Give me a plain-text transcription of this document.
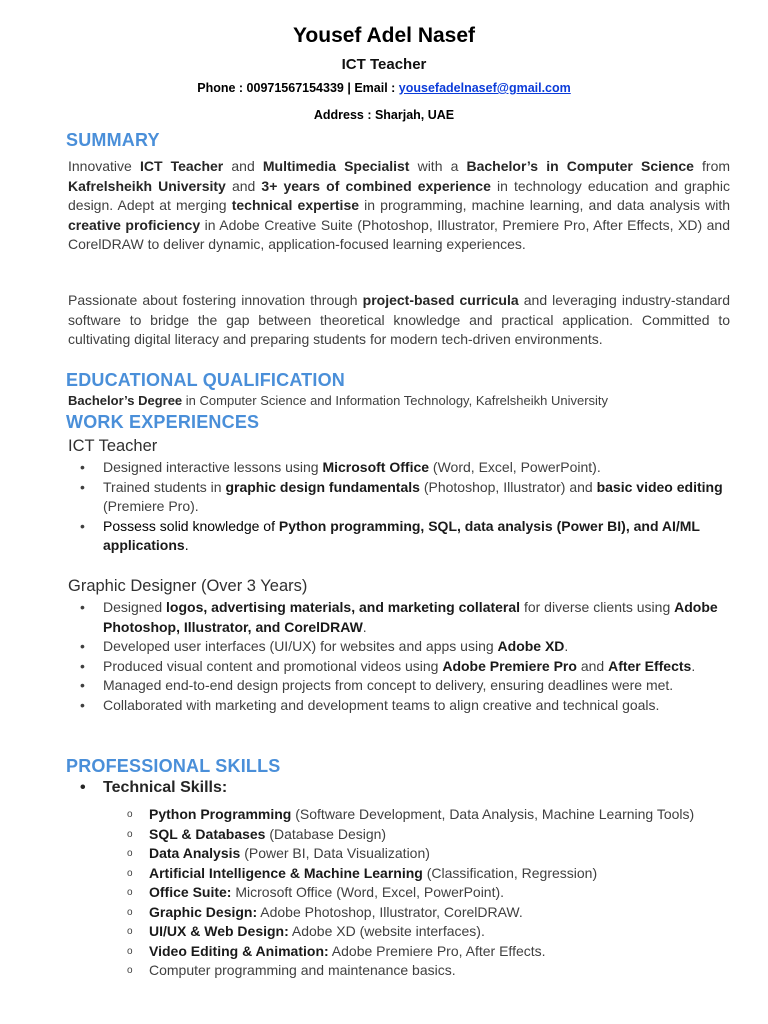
Yousef Adel Nasef
ICT Teacher
Phone : 00971567154339 | Email : yousefadelnasef@gmail.com
Address : Sharjah, UAE
SUMMARY
Innovative ICT Teacher and Multimedia Specialist with a Bachelor’s in Computer Science from Kafrelsheikh University and 3+ years of combined experience in technology education and graphic design. Adept at merging technical expertise in programming, machine learning, and data analysis with creative proficiency in Adobe Creative Suite (Photoshop, Illustrator, Premiere Pro, After Effects, XD) and CorelDRAW to deliver dynamic, application-focused learning experiences.
Passionate about fostering innovation through project-based curricula and leveraging industry-standard software to bridge the gap between theoretical knowledge and practical application. Committed to cultivating digital literacy and preparing students for modern tech-driven environments.
EDUCATIONAL QUALIFICATION
Bachelor’s Degree in Computer Science and Information Technology, Kafrelsheikh University
WORK EXPERIENCES
ICT Teacher
• Designed interactive lessons using Microsoft Office (Word, Excel, PowerPoint).
• Trained students in graphic design fundamentals (Photoshop, Illustrator) and basic video editing (Premiere Pro).
• Possess solid knowledge of Python programming, SQL, data analysis (Power BI), and AI/ML applications.
Graphic Designer (Over 3 Years)
• Designed logos, advertising materials, and marketing collateral for diverse clients using Adobe Photoshop, Illustrator, and CorelDRAW.
• Developed user interfaces (UI/UX) for websites and apps using Adobe XD.
• Produced visual content and promotional videos using Adobe Premiere Pro and After Effects.
• Managed end-to-end design projects from concept to delivery, ensuring deadlines were met.
• Collaborated with marketing and development teams to align creative and technical goals.
PROFESSIONAL SKILLS
• Technical Skills:
o Python Programming (Software Development, Data Analysis, Machine Learning Tools)
o SQL & Databases (Database Design)
o Data Analysis (Power BI, Data Visualization)
o Artificial Intelligence & Machine Learning (Classification, Regression)
o Office Suite: Microsoft Office (Word, Excel, PowerPoint).
o Graphic Design: Adobe Photoshop, Illustrator, CorelDRAW.
o UI/UX & Web Design: Adobe XD (website interfaces).
o Video Editing & Animation: Adobe Premiere Pro, After Effects.
o Computer programming and maintenance basics.
